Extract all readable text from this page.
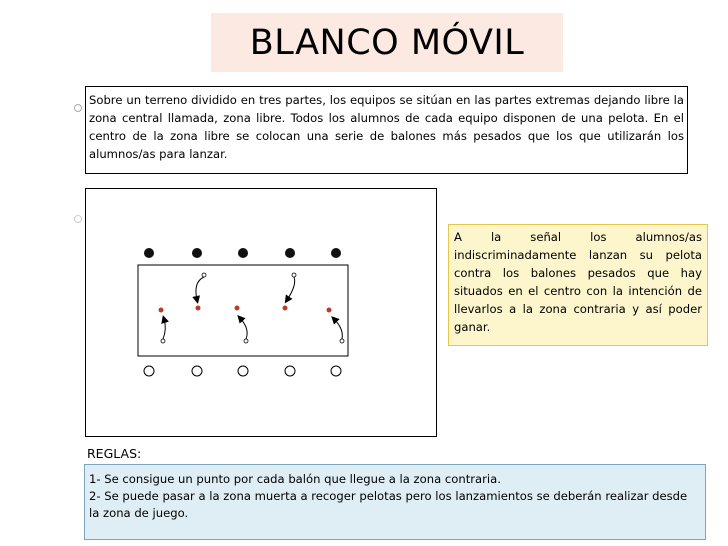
BLANCO MÓVIL
Sobre un terreno dividido en tres partes, los equipos se sitúan en las partes extremas dejando libre la zona central llamada, zona libre. Todos los alumnos de cada equipo disponen de una pelota. En el centro de la zona libre se colocan una serie de balones más pesados que los que utilizarán los alumnos/as para lanzar.
A la señal los alumnos/as indiscriminadamente lanzan su pelota contra los balones pesados que hay situados en el centro con la intención de llevarlos a la zona contraria y así poder ganar.
REGLAS:
1- Se consigue un punto por cada balón que llegue a la zona contraria.
2- Se puede pasar a la zona muerta a recoger pelotas pero los lanzamientos se deberán realizar desde la zona de juego.
